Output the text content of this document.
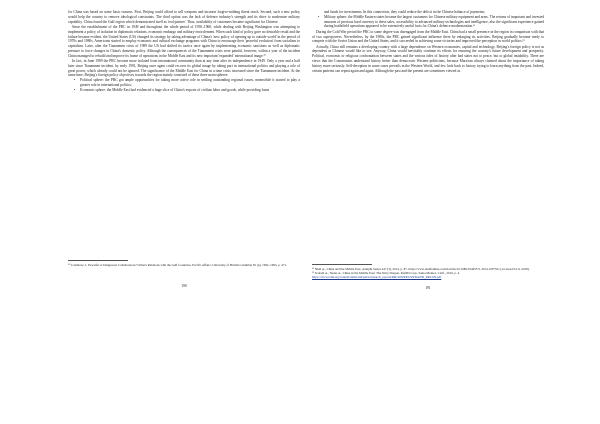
for China was based on some basic reasons. First, Beijing could afford to sell weapons and increase forgive-nothing threat reach. Second, such a new policy would help the country to remove ideological constraints. The third option was the lack of defence industry's strength and its drive to modernize military capability. China found the Gulf region which demonstrated itself as 'real partner.' Thus, availability of customers became significant for Chinese.

Since the establishment of the PRC in 1949 and throughout the whole period of 1950–1960, while dealing with Beijing Washington was attempting to implement a policy of isolation in diplomatic relations, economic embargo and military encirclement. When such kind of policy gave no desirable result and the failure became evident, the United States (US) changed its strategy by taking advantage of China's 'new policy of opening up to outside world' in the period of 1970s and 1980s. Americans started to employ economic and cultural exchange programs with China to encourage their 'peaceful evolution' from socialism to capitalism. Later, after the Tiananmen crisis of 1989 the US had shifted its tactics once again by implementing economic sanctions as well as diplomatic pressure to force changes in China's domestic policy. Although the consequences of the Tiananmen crisis were painful, however, within a year of the incident China managed to rebuild and improve its frame of operations in the Middle East and its new important 'expanded' international image.¹⁰

In fact, in June 1989 the PRC became more isolated from international community than at any time after its independence in 1949. Only a year and a half later since Tiananmen incident, by early 1991, Beijing once again could recover its global image by taking part in international politics and playing a role of great power, which already could not be ignored. The significance of the Middle East for China in a time crisis increased since the Tiananmen incident. At the same time, Beijing's foreign policy objectives towards the region mainly consisted of these three main spheres:

• Political sphere: the PRC got ample opportunities for taking more active role in settling outstanding regional issues, meanwhile it started to play a greater role in international politics;
• Economic sphere: the Middle East had evidenced a huge slice of China's exports of civilian labor and goods, while providing loans

¹⁰ Calabrese J., Peaceful or Dangerous Collaborators? China's Relations with the Gulf Countries, Pacific Affairs, University of British Columbia 65 (4), 1992–1993, p. 471.

190
and funds for investments. In this connection, they could reduce the deficit in the Chinese balance of payments;
• Military sphere: the Middle Eastern states became the largest customers for Chinese military equipment and arms. The returns of important and invested amounts of precious hard currency to these sales, accessibility to advanced military technologies and intelligence, also the significant experience gained during battlefield operations appeared to be extensively useful facts for China's defence modernization.¹¹

During the Cold War period the PRC to some degree was disengaged from the Middle East. China had a small presence in the region in comparison with that of two superpowers. Nevertheless, by the 1980s, the PRC gained significant influence there by enlarging its activities. Beijing gradually became ready to compete with the Soviet Union and the United States, and it succeeded in achieving some victories and improved the perception in world politics.¹²

Actually, China still remains a developing country with a large dependence on Western economies, capital and technology. Beijing's foreign policy is not as dependent as Chinese would like to see. Anyway, China would inevitably continue its efforts for ensuring the country's future development and prosperity. Political, economic or religious confrontation between states and the various tides of history after bad states not to peace, but to global instability. There are views that the Communists understand history better than democratic Western politicians, because Marxism always claimed about the importance of taking history more seriously. Self-deception in some cases prevails in the Western World, and few look back to history trying to learn anything from the past. Indeed, certain patterns can repeat again and again. Although the past and the present are sometimes viewed as

¹¹ Shell A., China and the Middle East, Adelphi Series 447 (3), 2014, p. 87. https://www.tandfonline.com/doi/abs/10.1080/19445571.2014.1007521 [accessed 04.11.2018].

¹² Scobell A., Nader A., China in the Middle East: The Wary Dragon, RAND Corp, Santa Monica, Calif., 2016, p. 4. https://www.rand.org/content/dam/rand/pubs/research_reports/RR1200/RR1229/RAND_RR1229.pdf

191
